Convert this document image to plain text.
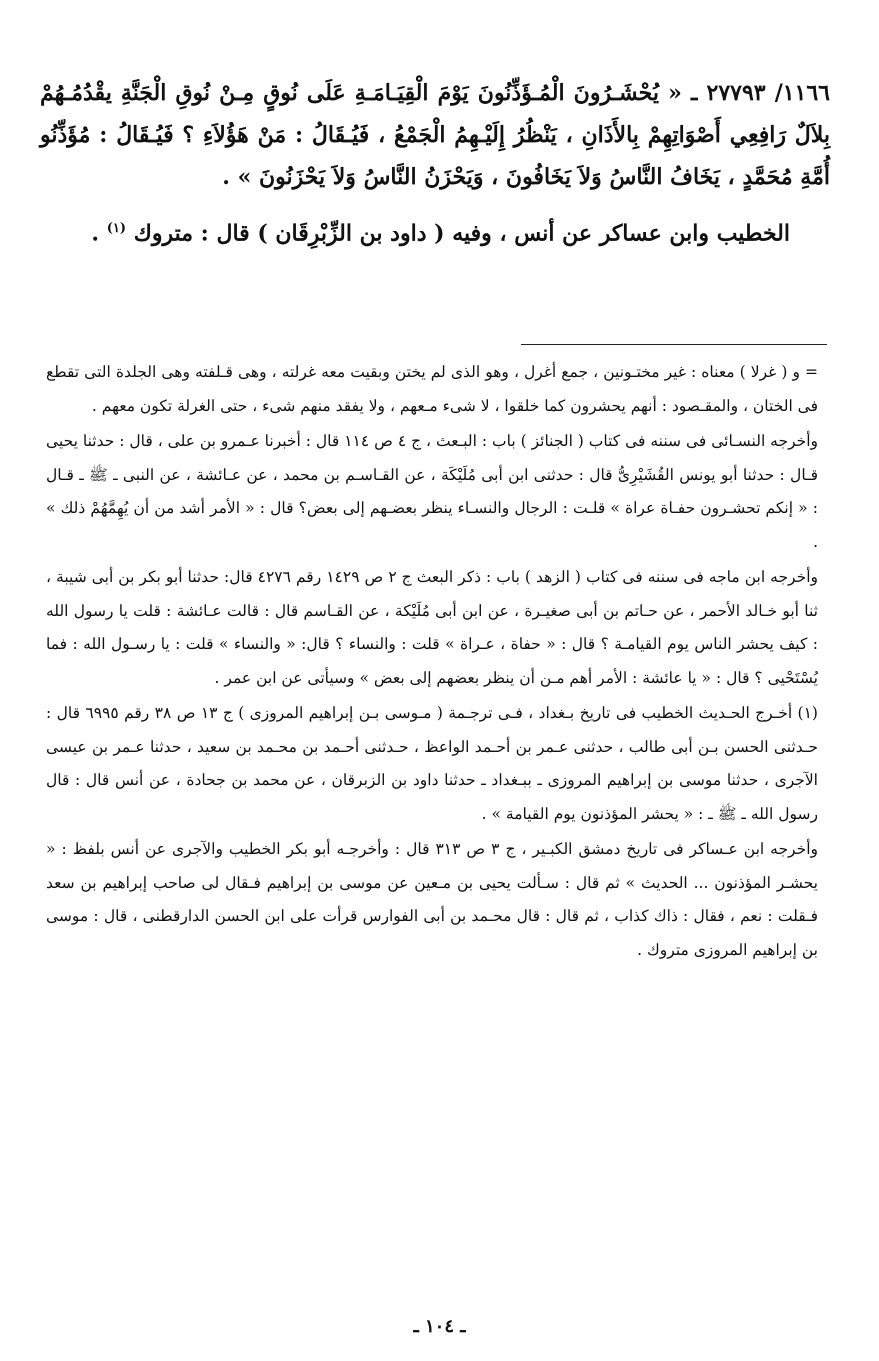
١١٦٦/ ٢٧٧٩٣ ـ « يُحْشَـرُونَ الْمُـؤَذِّنُونَ يَوْمَ الْقِيَـامَـةِ عَلَى نُوقٍ مِـنْ نُوقِ الْجَنَّةِ يقْدُمُـهُمْ بِلاَلٌ رَافِعِي أَصْوَاتِهِمْ بِالأَذَانِ ، يَنْظُرُ إِلَيْـهِمُ الْجَمْعُ ، فَيُـقَالُ : مَنْ هَؤُلاَءِ ؟ فَيُـقَالُ : مُؤَذِّنُو أُمَّةِ مُحَمَّدٍ ، يَخَافُ النَّاسُ وَلاَ يَخَافُونَ ، وَيَحْزَنُ النَّاسُ وَلاَ يَحْزَنُونَ » .

الخطيب وابن عساكر عن أنس ، وفيه ( داود بن الزِّبْرِقَان ) قال : متروك $^{(١)}$ .

= و ( غرلا ) معناه : غير مختـونين ، جمع أغرل ، وهو الذى لم يختن وبقيت معه غرلته ، وهى قـلفته وهى الجلدة التى تقطع فى الختان ، والمقـصود : أنهم يحشرون كما خلقوا ، لا شىء مـعهم ، ولا يفقد منهم شىء ، حتى الغرلة تكون معهم .

وأخرجه النسـائى فى سننه فى كتاب ( الجنائز ) باب : البـعث ، ج ٤ ص ١١٤ قال : أخبرنا عـمرو بن على ، قال : حدثنا يحيى قـال : حدثنا أبو يونس القُشَيْرِىُّ قال : حدثنى ابن أبى مُلَيْكَة ، عن القـاسـم بن محمد ، عن عـائشة ، عن النبى ـ ﷺ ـ قـال : « إنكم تحشـرون حفـاة عراة » قلـت : الرجال والنسـاء ينظر بعضـهم إلى بعض؟ قال : « الأمر أشد من أن يُهِمَّهُمْ ذلك » .

وأخرجه ابن ماجه فى سننه فى كتاب ( الزهد ) باب : ذكر البعث ج ٢ ص ١٤٢٩ رقم ٤٢٧٦ قال: حدثنا أبو بكر بن أبى شيبة ، ثنا أبو خـالد الأحمر ، عن حـاتم بن أبى صغيـرة ، عن ابن أبى مُلَيْكة ، عن القـاسم قال : قالت عـائشة : قلت يا رسول الله : كيف يحشر الناس يوم القيامـة ؟ قال : « حفاة ، عـراة » قلت : والنساء ؟ قال: « والنساء » قلت : يا رسـول الله : فما يُسْتَحْيى ؟ قال : « يا عائشة : الأمر أهم مـن أن ينظر بعضهم إلى بعض » وسيأتى عن ابن عمر .

(١) أخـرج الحـديث الخطيب فى تاريخ بـغداد ، فـى ترجـمة ( مـوسى بـن إبراهيم المروزى ) ج ١٣ ص ٣٨ رقم ٦٩٩٥ قال : حـدثنى الحسن بـن أبى طالب ، حدثنى عـمر بن أحـمد الواعظ ، حـدثنى أحـمد بن محـمد بن سعيد ، حدثنا عـمر بن عيسى الآجرى ، حدثنا موسى بن إبراهيم المروزى ـ ببـغداد ـ حدثنا داود بن الزبرقان ، عن محمد بن جحادة ، عن أنس قال : قال رسول الله ـ ﷺ ـ : « يحشر المؤذنون يوم القيامة » .

وأخرجه ابن عـساكر فى تاريخ دمشق الكبـير ، ج ٣ ص ٣١٣ قال : وأخرجـه أبو بكر الخطيب والآجرى عن أنس بلفظ : « يحشـر المؤذنون ... الحديث » ثم قال : سـألت يحيى بن مـعين عن موسى بن إبراهيم فـقال لى صاحب إبراهيم بن سعد فـقلت : نعم ، فقال : ذاك كذاب ، ثم قال : قال محـمد بن أبى الفوارس قرأت على ابن الحسن الدارقطنى ، قال : موسى بن إبراهيم المروزى متروك .

ـ ١٠٤ ـ
